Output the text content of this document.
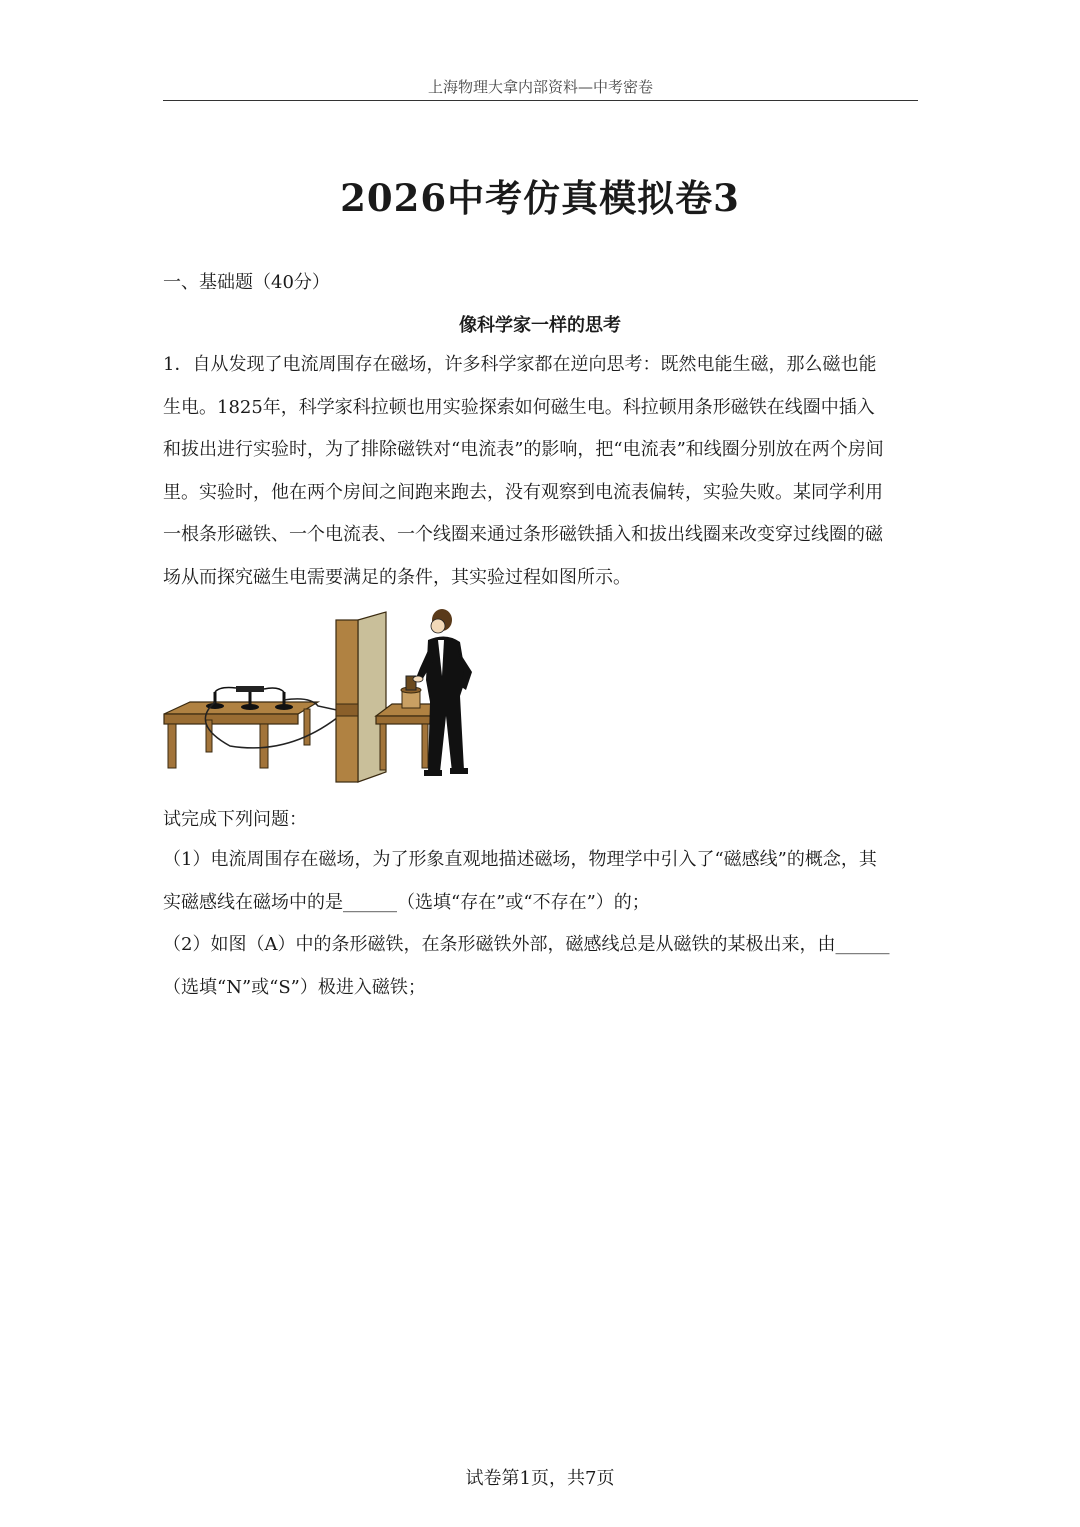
上海物理大拿内部资料—中考密卷
2026中考仿真模拟卷3
一、基础题（40分）
像科学家一样的思考
1．自从发现了电流周围存在磁场，许多科学家都在逆向思考：既然电能生磁，那么磁也能
生电。1825年，科学家科拉顿也用实验探索如何磁生电。科拉顿用条形磁铁在线圈中插入
和拔出进行实验时，为了排除磁铁对“电流表”的影响，把“电流表”和线圈分别放在两个房间
里。实验时，他在两个房间之间跑来跑去，没有观察到电流表偏转，实验失败。某同学利用
一根条形磁铁、一个电流表、一个线圈来通过条形磁铁插入和拔出线圈来改变穿过线圈的磁
场从而探究磁生电需要满足的条件，其实验过程如图所示。
试完成下列问题：
（1）电流周围存在磁场，为了形象直观地描述磁场，物理学中引入了“磁感线”的概念，其
实磁感线在磁场中的是______（选填“存在”或“不存在”）的；
（2）如图（A）中的条形磁铁，在条形磁铁外部，磁感线总是从磁铁的某极出来，由______
（选填“N”或“S”）极进入磁铁；
试卷第1页，共7页
